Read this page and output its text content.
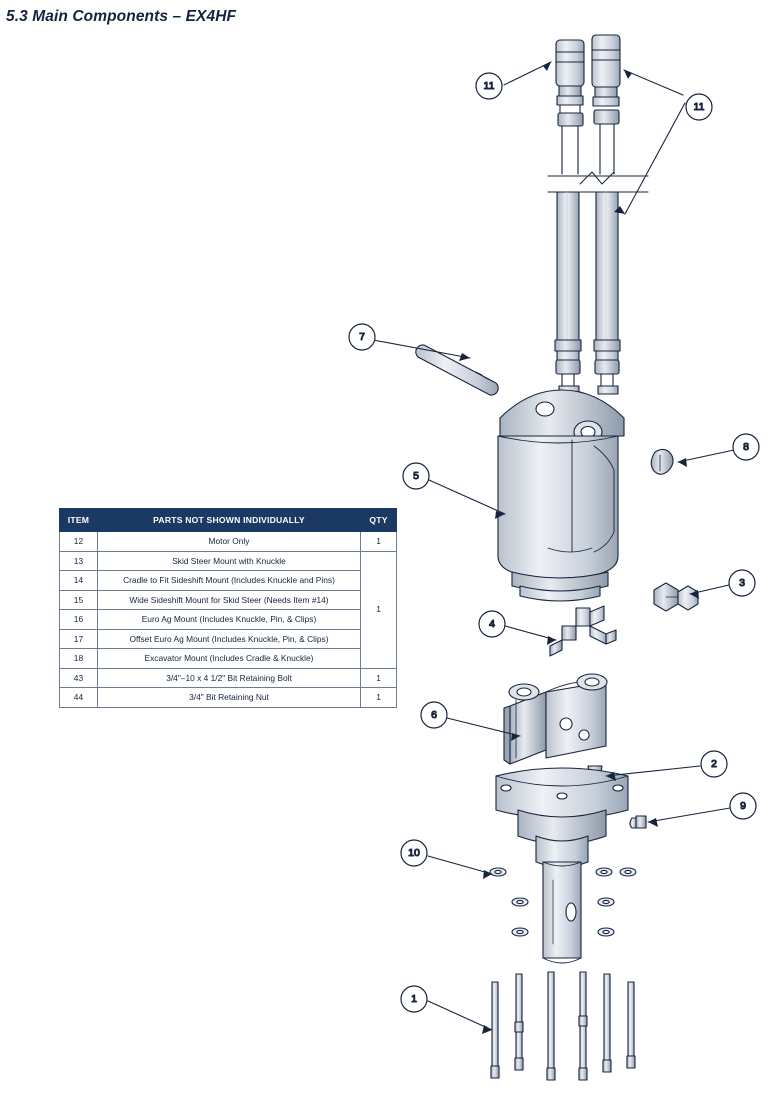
5.3 Main Components – EX4HF
ITEM	PARTS NOT SHOWN INDIVIDUALLY	QTY
12	Motor Only	1
13	Skid Steer Mount with Knuckle	1
14	Cradle to Fit Sideshift Mount (Includes Knuckle and Pins)	
15	Wide Sideshift Mount for Skid Steer (Needs Item #14)	
16	Euro Ag Mount (Includes Knuckle, Pin, & Clips)	
17	Offset Euro Ag Mount (Includes Knuckle, Pin, & Clips)	
18	Excavator Mount (Includes Cradle & Knuckle)	
43	3/4"–10 x 4 1/2" Bit Retaining Bolt	1
44	3/4" Bit Retaining Nut	1
11
11
7
5
8
3
4
6
2
9
10
1
